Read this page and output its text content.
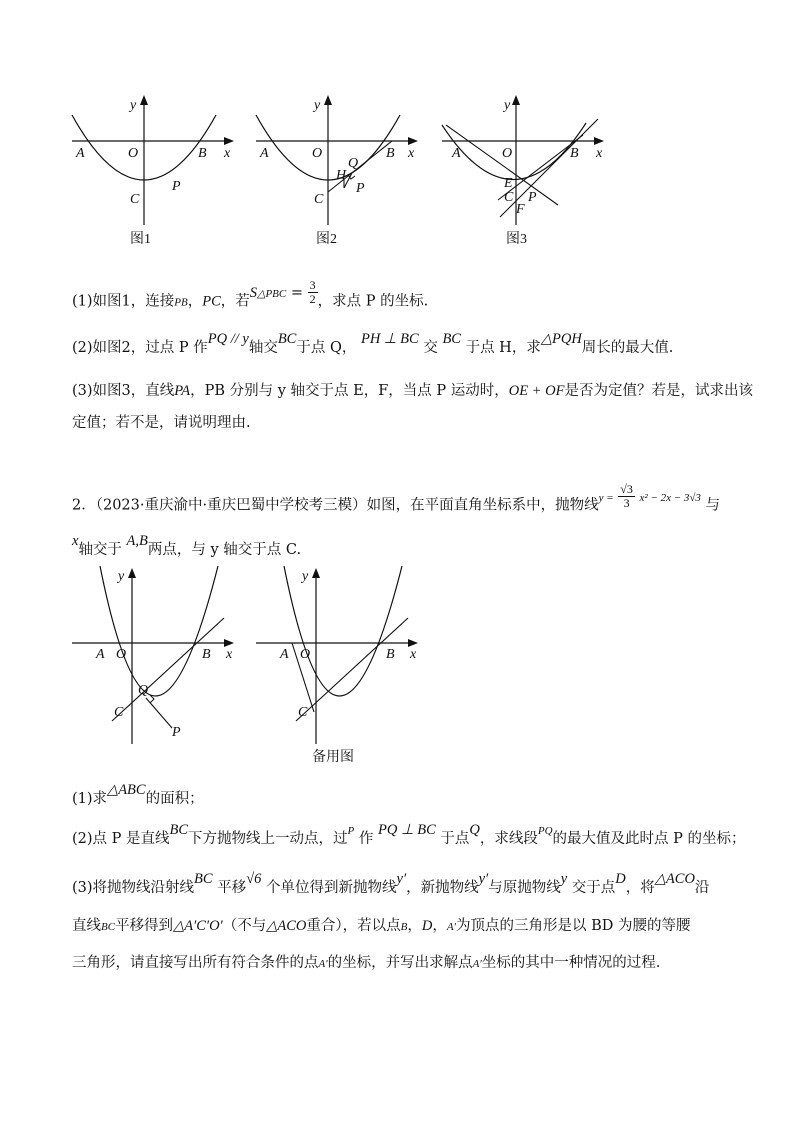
A	O	B x
y
C
P
图1
A	O	B x
y
C
Q
H
P
图2
A	O	B x
y
E
C P
F
图3
(1)如图1，连接PB，PC，若S△PBC = $\frac{3}{2}$ ，求点 P 的坐标.
(2)如图2，过点 P 作PQ // y轴交BC于点 Q， PH ⊥ BC 交 BC 于点 H，求△PQH周长的最大值.
(3)如图3，直线PA，PB 分别与 y 轴交于点 E，F，当点 P 运动时，OE + OF是否为定值？若是，试求出该
定值；若不是，请说明理由.
2．（2023·重庆渝中·重庆巴蜀中学校考三模）如图，在平面直角坐标系中，抛物线$y = \frac{√3}{3} x^2 - 2x - 3√3$ 与
x轴交于 A,B两点，与 y 轴交于点 C.
A O	B x
y
C
Q
P
A O	B x
y
C
备用图
(1)求△ABC的面积；
(2)点 P 是直线BC下方抛物线上一动点，过$^P$ 作 PQ ⊥ BC 于点Q，求线段$^{PQ}$的最大值及此时点 P 的坐标；
(3)将抛物线沿射线BC 平移√6 个单位得到新抛物线y′，新抛物线y′与原抛物线y 交于点D，将△ACO沿
直线BC平移得到△A′C′O′（不与△ACO重合），若以点B，D，A′为顶点的三角形是以 BD 为腰的等腰
三角形，请直接写出所有符合条件的点A′的坐标，并写出求解点A′坐标的其中一种情况的过程.
